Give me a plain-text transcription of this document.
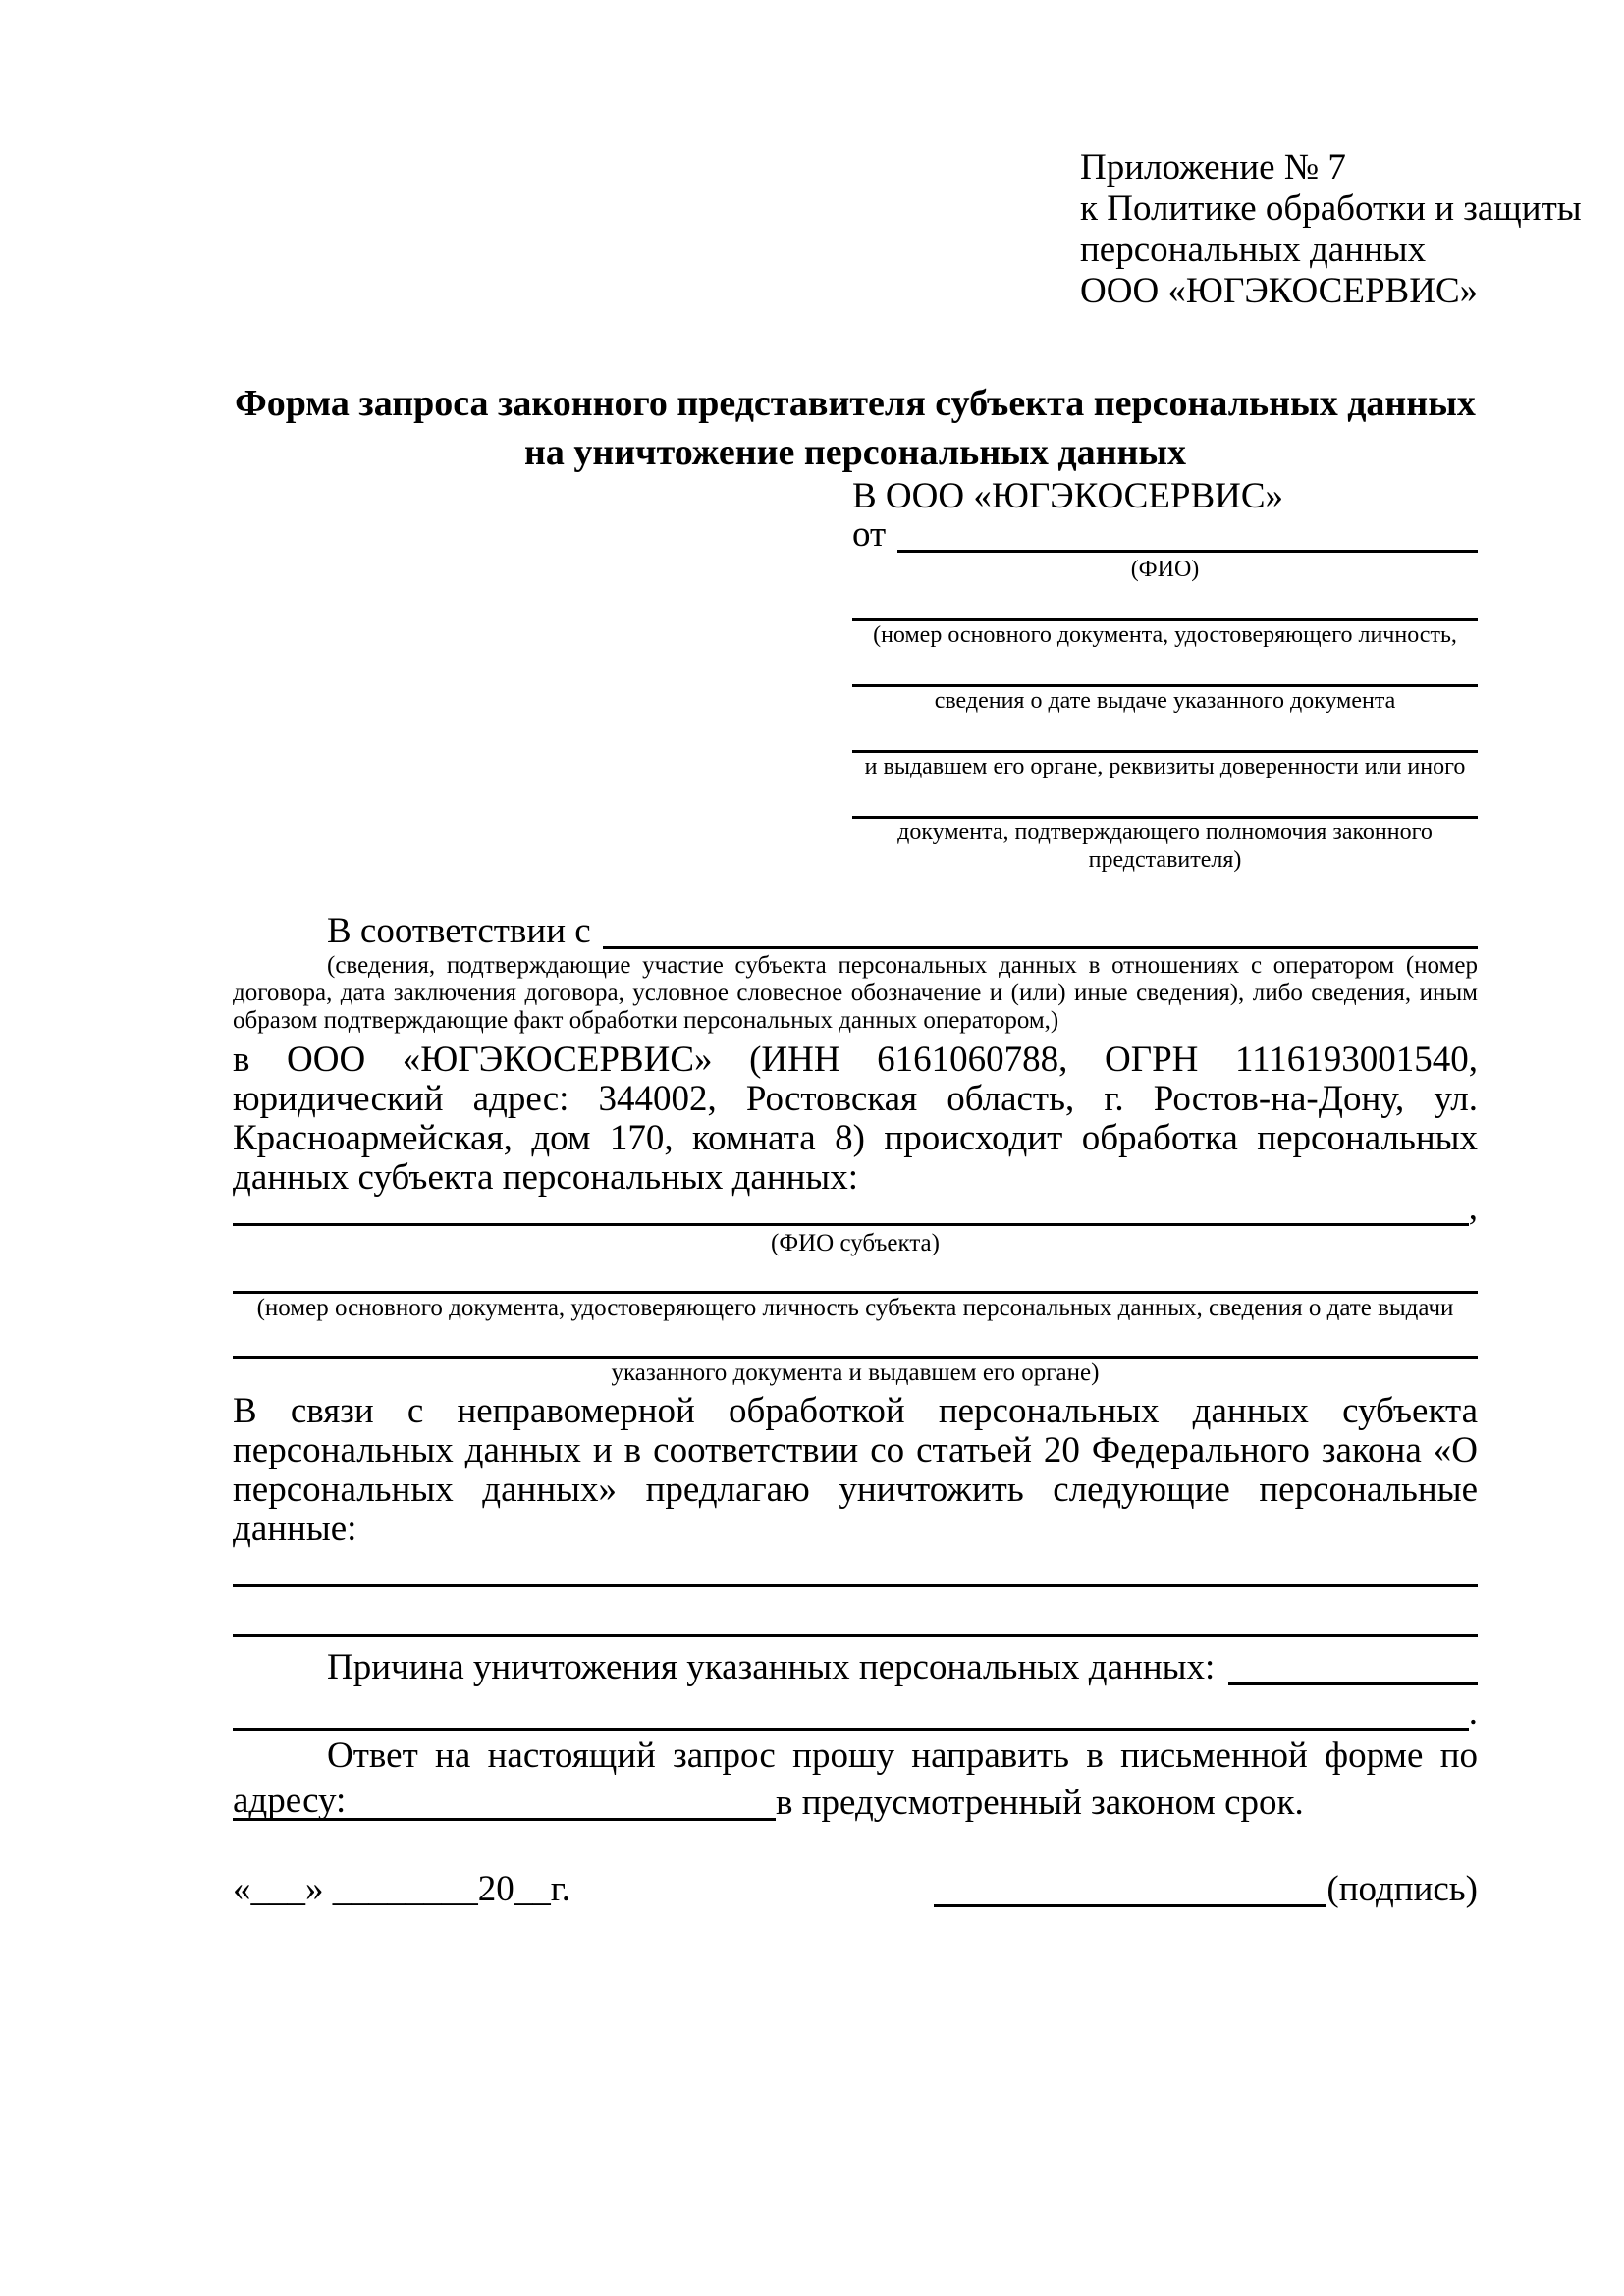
Приложение № 7
к Политике обработки и защиты
персональных данных
ООО «ЮГЭКОСЕРВИС»
Форма запроса законного представителя субъекта персональных данных
на уничтожение персональных данных
В ООО «ЮГЭКОСЕРВИС»
от
(ФИО)
(номер основного документа, удостоверяющего личность,
сведения о дате выдаче указанного документа
и выдавшем его органе, реквизиты доверенности или иного
документа, подтверждающего полномочия законного представителя)
В соответствии с
(сведения, подтверждающие участие субъекта персональных данных в отношениях с оператором (номер договора, дата заключения договора, условное словесное обозначение и (или) иные сведения), либо сведения, иным образом подтверждающие факт обработки персональных данных оператором,)
в ООО «ЮГЭКОСЕРВИС» (ИНН 6161060788, ОГРН 1116193001540, юридический адрес: 344002, Ростовская область, г. Ростов-на-Дону, ул. Красноармейская, дом 170, комната 8) происходит обработка персональных данных субъекта персональных данных:
,
(ФИО субъекта)
(номер основного документа, удостоверяющего личность субъекта персональных данных, сведения о дате выдачи
указанного документа и выдавшем его органе)
В связи с неправомерной обработкой персональных данных субъекта персональных данных и в соответствии со статьей 20 Федерального закона «О персональных данных» предлагаю уничтожить следующие персональные данные:
Причина уничтожения указанных персональных данных:
.
Ответ на настоящий запрос прошу направить в письменной форме по адресу:	в предусмотренный законом срок.
«___» ________20__г.	(подпись)
